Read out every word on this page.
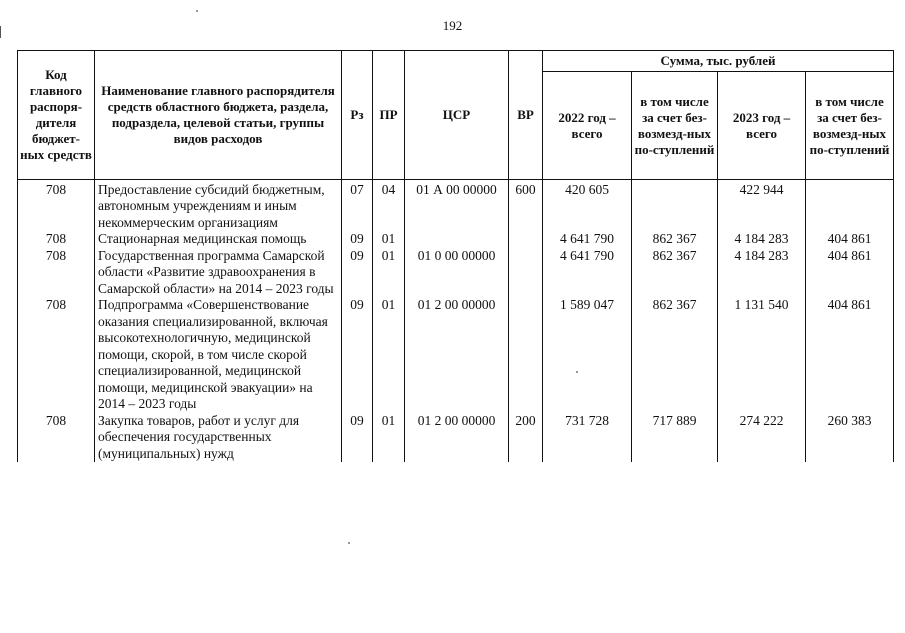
192
Код главного распоря-дителя бюджет-ных средств	Наименование главного распорядителя средств областного бюджета, раздела, подраздела, целевой статьи, группы видов расходов	Рз	ПР	ЦСР	ВР	Сумма, тыс. рублей			
						2022 год – всего	в том числе за счет без-возмезд-ных по-ступлений	2023 год – всего	в том числе за счет без-возмезд-ных по-ступлений

708	Предоставление субсидий бюджетным, автономным учреждениям и иным некоммерческим организациям	07	04	01 А 00 00000	600	420 605		422 944	
708	Стационарная медицинская помощь	09	01			4 641 790	862 367	4 184 283	404 861
708	Государственная программа Самарской области «Развитие здравоохранения в Самарской области» на 2014 – 2023 годы	09	01	01 0 00 00000		4 641 790	862 367	4 184 283	404 861
708	Подпрограмма «Совершенствование оказания специализированной, включая высокотехнологичную, медицинской помощи, скорой, в том числе скорой специализированной, медицинской помощи, медицинской эвакуации» на 2014 – 2023 годы	09	01	01 2 00 00000		1 589 047	862 367	1 131 540	404 861
708	Закупка товаров, работ и услуг для обеспечения государственных (муниципальных) нужд	09	01	01 2 00 00000	200	731 728	717 889	274 222	260 383
